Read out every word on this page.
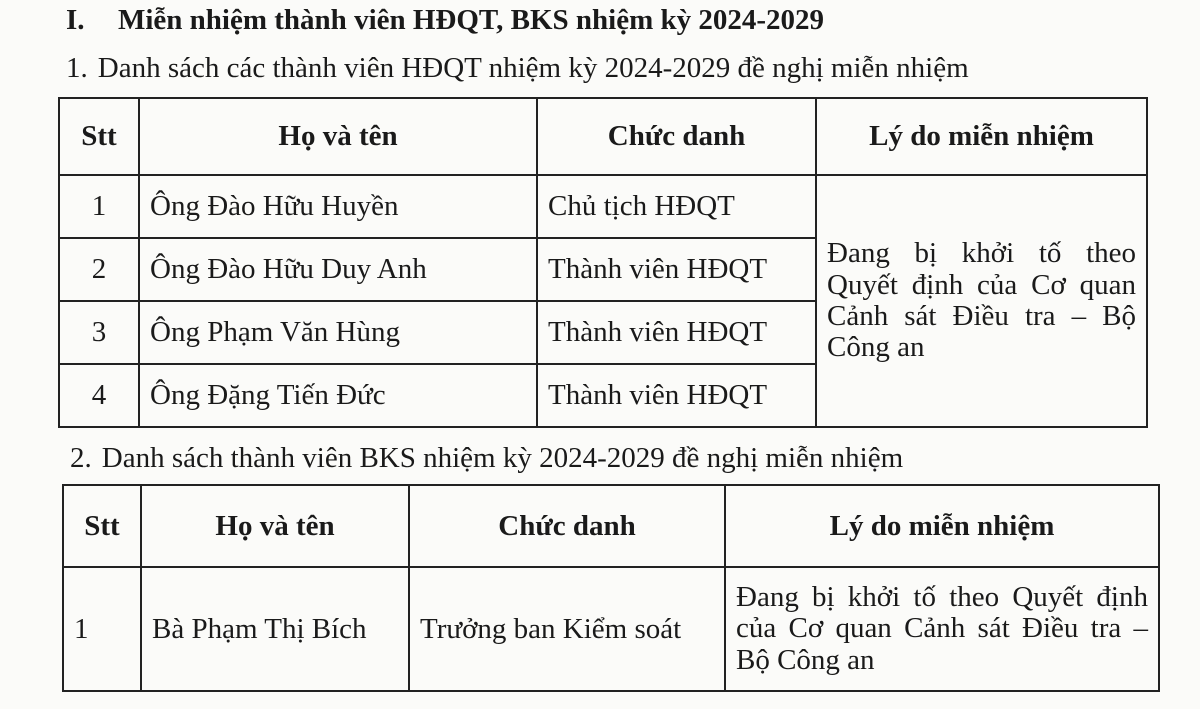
I. Miễn nhiệm thành viên HĐQT, BKS nhiệm kỳ 2024-2029
1. Danh sách các thành viên HĐQT nhiệm kỳ 2024-2029 đề nghị miễn nhiệm
Stt	Họ và tên	Chức danh	Lý do miễn nhiệm
1	Ông Đào Hữu Huyền	Chủ tịch HĐQT	Đang bị khởi tố theo Quyết định của Cơ quan Cảnh sát Điều tra – Bộ Công an
2	Ông Đào Hữu Duy Anh	Thành viên HĐQT	
3	Ông Phạm Văn Hùng	Thành viên HĐQT	
4	Ông Đặng Tiến Đức	Thành viên HĐQT	
2. Danh sách thành viên BKS nhiệm kỳ 2024-2029 đề nghị miễn nhiệm
Stt	Họ và tên	Chức danh	Lý do miễn nhiệm
1	Bà Phạm Thị Bích	Trưởng ban Kiểm soát	Đang bị khởi tố theo Quyết định của Cơ quan Cảnh sát Điều tra – Bộ Công an
